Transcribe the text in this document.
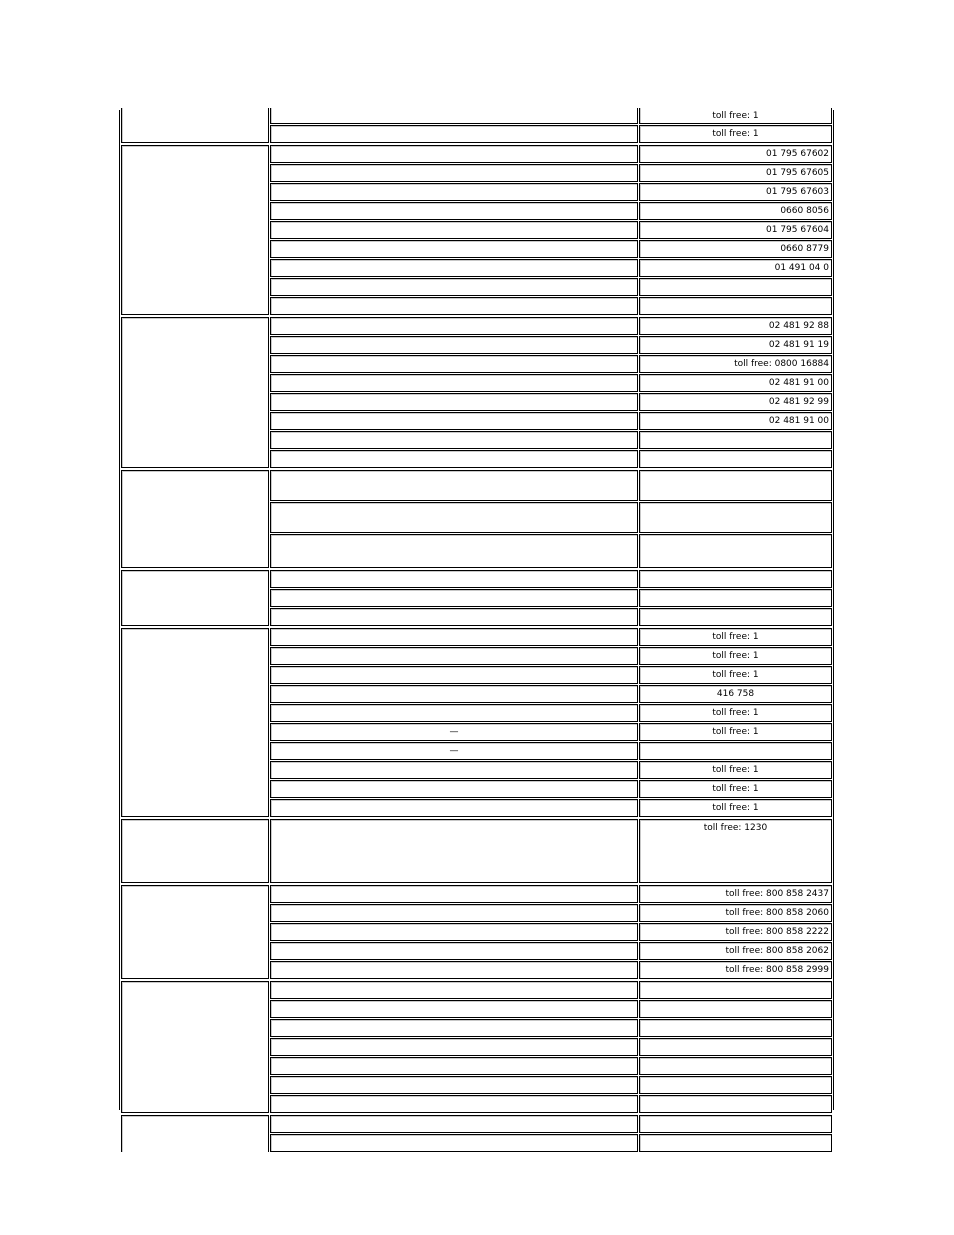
toll free: 1
toll free: 1
01 795 67602
01 795 67605
01 795 67603
0660 8056
01 795 67604
0660 8779
01 491 04 0
02 481 92 88
02 481 91 19
toll free: 0800 16884
02 481 91 00
02 481 92 99
02 481 91 00
toll free: 1
toll free: 1
toll free: 1
416 758
toll free: 1
—	toll free: 1
—
toll free: 1
toll free: 1
toll free: 1
toll free: 1230
toll free: 800 858 2437
toll free: 800 858 2060
toll free: 800 858 2222
toll free: 800 858 2062
toll free: 800 858 2999
